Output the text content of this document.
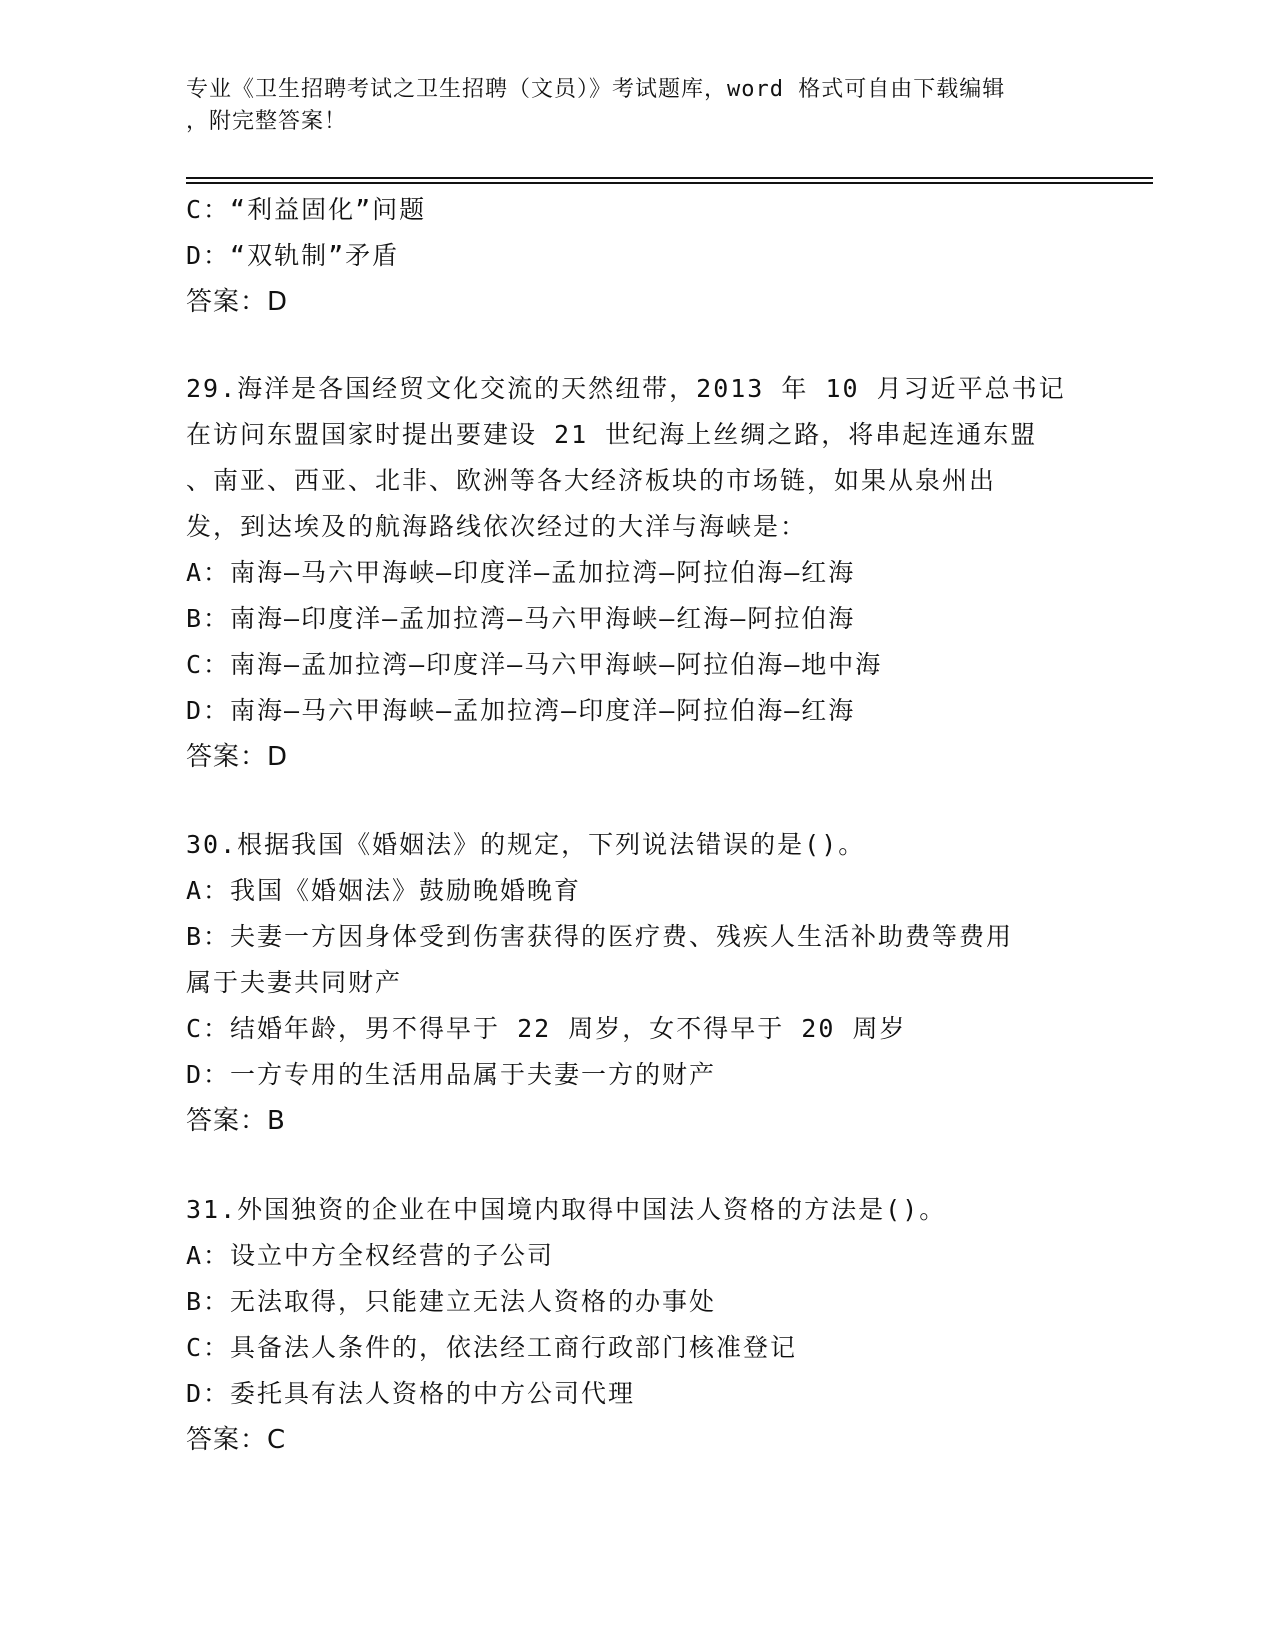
专业《卫生招聘考试之卫生招聘（文员）》考试题库，word 格式可自由下载编辑
，附完整答案！
C：“利益固化”问题
D：“双轨制”矛盾
答案：D
29.海洋是各国经贸文化交流的天然纽带，2013 年 10 月习近平总书记
在访问东盟国家时提出要建设 21 世纪海上丝绸之路，将串起连通东盟
、南亚、西亚、北非、欧洲等各大经济板块的市场链，如果从泉州出
发，到达埃及的航海路线依次经过的大洋与海峡是：
A：南海—马六甲海峡—印度洋—孟加拉湾—阿拉伯海—红海
B：南海—印度洋—孟加拉湾—马六甲海峡—红海—阿拉伯海
C：南海—孟加拉湾—印度洋—马六甲海峡—阿拉伯海—地中海
D：南海—马六甲海峡—孟加拉湾—印度洋—阿拉伯海—红海
答案：D
30.根据我国《婚姻法》的规定，下列说法错误的是()。
A：我国《婚姻法》鼓励晚婚晚育
B：夫妻一方因身体受到伤害获得的医疗费、残疾人生活补助费等费用
属于夫妻共同财产
C：结婚年龄，男不得早于 22 周岁，女不得早于 20 周岁
D：一方专用的生活用品属于夫妻一方的财产
答案：B
31.外国独资的企业在中国境内取得中国法人资格的方法是()。
A：设立中方全权经营的子公司
B：无法取得，只能建立无法人资格的办事处
C：具备法人条件的，依法经工商行政部门核准登记
D：委托具有法人资格的中方公司代理
答案：C
